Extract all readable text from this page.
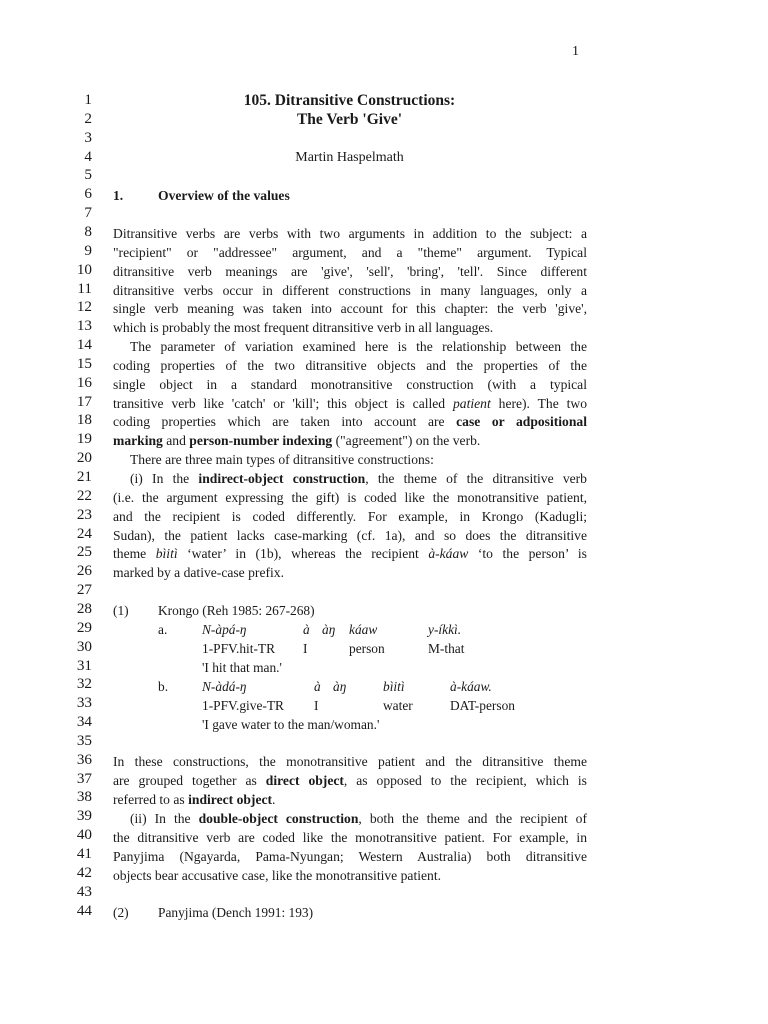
1
1
2
3
4
5
6
7
8
9
10
11
12
13
14
15
16
17
18
19
20
21
22
23
24
25
26
27
28
29
30
31
32
33
34
35
36
37
38
39
40
41
42
43
44
105. Ditransitive Constructions:
The Verb 'Give'
Martin Haspelmath
1.	Overview of the values
Ditransitive verbs are verbs with two arguments in addition to the subject: a
"recipient" or "addressee" argument, and a "theme" argument. Typical
ditransitive verb meanings are 'give', 'sell', 'bring', 'tell'. Since different
ditransitive verbs occur in different constructions in many languages, only a
single verb meaning was taken into account for this chapter: the verb 'give',
which is probably the most frequent ditransitive verb in all languages.
The parameter of variation examined here is the relationship between the
coding properties of the two ditransitive objects and the properties of the
single object in a standard monotransitive construction (with a typical
transitive verb like 'catch' or 'kill'; this object is called patient here). The two
coding properties which are taken into account are case or adpositional
marking and person-number indexing ("agreement") on the verb.
There are three main types of ditransitive constructions:
(i) In the indirect-object construction, the theme of the ditransitive verb
(i.e. the argument expressing the gift) is coded like the monotransitive patient,
and the recipient is coded differently. For example, in Krongo (Kadugli;
Sudan), the patient lacks case-marking (cf. 1a), and so does the ditransitive
theme bìitì ‘water’ in (1b), whereas the recipient à-káaw ‘to the person’ is
marked by a dative-case prefix.
(1) Krongo (Reh 1985: 267-268)
a.	N-àpá-ŋ	à àŋ káaw	y-íkkì.
1-PFV.hit-TR I	person	M-that
'I hit that man.'
b.	N-àdá-ŋ	à àŋ	bìitì	à-káaw.
1-PFV.give-TR I	water	DAT-person
'I gave water to the man/woman.'
In these constructions, the monotransitive patient and the ditransitive theme
are grouped together as direct object, as opposed to the recipient, which is
referred to as indirect object.
(ii) In the double-object construction, both the theme and the recipient of
the ditransitive verb are coded like the monotransitive patient. For example, in
Panyjima (Ngayarda, Pama-Nyungan; Western Australia) both ditransitive
objects bear accusative case, like the monotransitive patient.
(2) Panyjima (Dench 1991: 193)
